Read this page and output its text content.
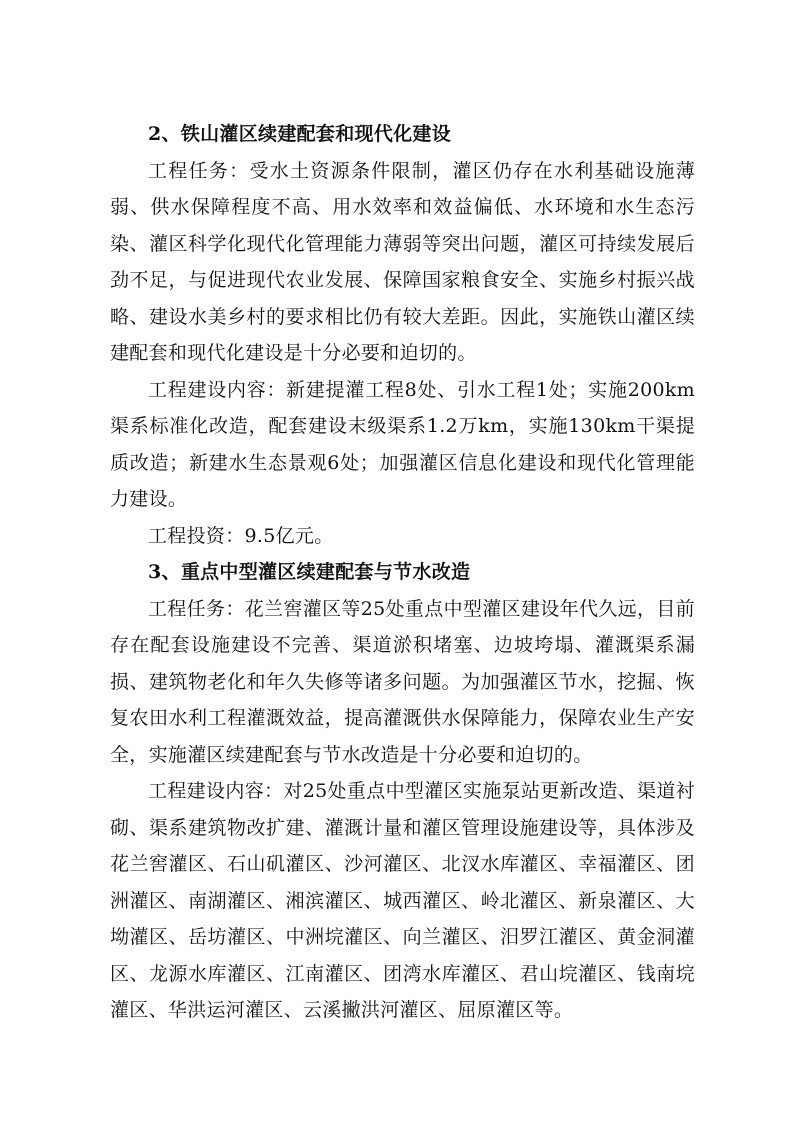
2、铁山灌区续建配套和现代化建设

工程任务：受水土资源条件限制，灌区仍存在水利基础设施薄弱、供水保障程度不高、用水效率和效益偏低、水环境和水生态污染、灌区科学化现代化管理能力薄弱等突出问题，灌区可持续发展后劲不足，与促进现代农业发展、保障国家粮食安全、实施乡村振兴战略、建设水美乡村的要求相比仍有较大差距。因此，实施铁山灌区续建配套和现代化建设是十分必要和迫切的。

工程建设内容：新建提灌工程8处、引水工程1处；实施200km渠系标准化改造，配套建设末级渠系1.2万km，实施130km干渠提质改造；新建水生态景观6处；加强灌区信息化建设和现代化管理能力建设。

工程投资：9.5亿元。

3、重点中型灌区续建配套与节水改造

工程任务：花兰窖灌区等25处重点中型灌区建设年代久远，目前存在配套设施建设不完善、渠道淤积堵塞、边坡垮塌、灌溉渠系漏损、建筑物老化和年久失修等诸多问题。为加强灌区节水，挖掘、恢复农田水利工程灌溉效益，提高灌溉供水保障能力，保障农业生产安全，实施灌区续建配套与节水改造是十分必要和迫切的。

工程建设内容：对25处重点中型灌区实施泵站更新改造、渠道衬砌、渠系建筑物改扩建、灌溉计量和灌区管理设施建设等，具体涉及花兰窖灌区、石山矶灌区、沙河灌区、北汊水库灌区、幸福灌区、团洲灌区、南湖灌区、湘滨灌区、城西灌区、岭北灌区、新泉灌区、大坳灌区、岳坊灌区、中洲垸灌区、向兰灌区、汨罗江灌区、黄金洞灌区、龙源水库灌区、江南灌区、团湾水库灌区、君山垸灌区、钱南垸灌区、华洪运河灌区、云溪撇洪河灌区、屈原灌区等。
